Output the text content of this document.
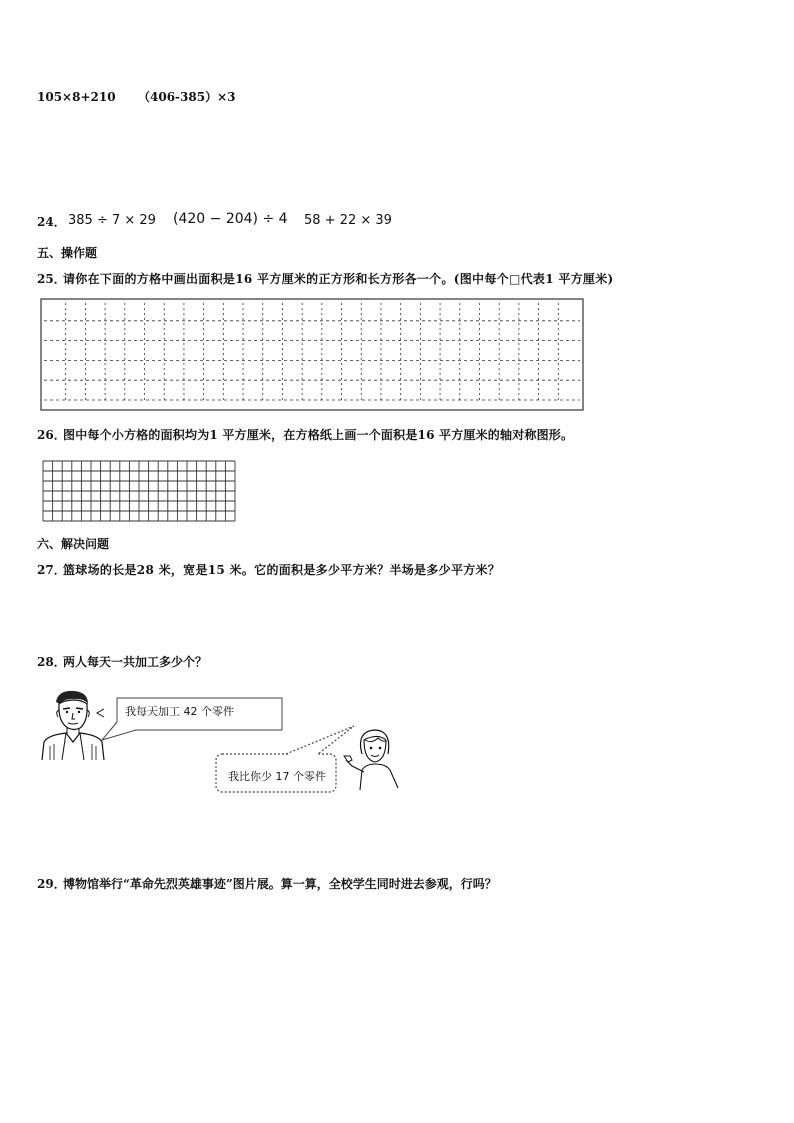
105×8+210 （406-385）×3
24． 385 ÷ 7 × 29 (420 − 204) ÷ 4 58 + 22 × 39
五、操作题
25．
请你在下面的方格中画出面积是16 平方厘米的正方形和长方形各一个。(图中每个□代表1 平方厘米)
26．
图中每个小方格的面积均为1 平方厘米，在方格纸上画一个面积是16 平方厘米的轴对称图形。
六、解决问题
27．
篮球场的长是28 米，宽是15 米。它的面积是多少平方米？半场是多少平方米？
28．
两人每天一共加工多少个？
我每天加工 42 个零件
我比你少 17 个零件
29．
博物馆举行“革命先烈英雄事迹”图片展。算一算，全校学生同时进去参观，行吗？
